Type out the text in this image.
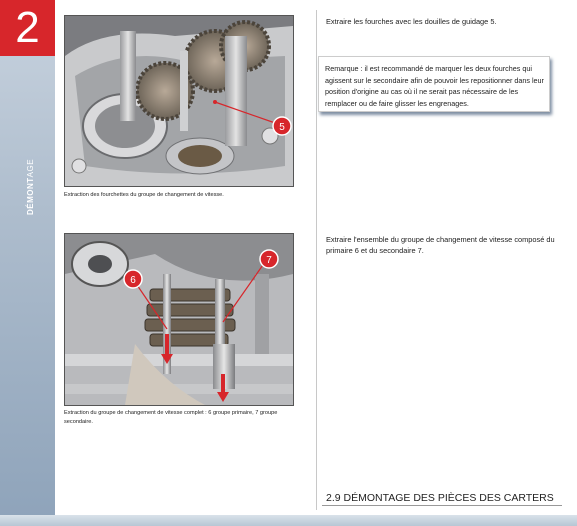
2
DÉMONTAGE
5
Extraction des fourchettes du groupe de changement de vitesse.
6
7
Extraction du groupe de changement de vitesse complet : 6 groupe primaire, 7 groupe secondaire.
Extraire les fourches avec les douilles de guidage 5.
Remarque : il est recommandé de marquer les deux fourches qui agissent sur le secondaire afin de pouvoir les repositionner dans leur position d'origine au cas où il ne serait pas nécessaire de les remplacer ou de faire glisser les engrenages.
Extraire l'ensemble du groupe de changement de vitesse composé du primaire 6 et du secondaire 7.
2.9 DÉMONTAGE DES PIÈCES DES CARTERS
